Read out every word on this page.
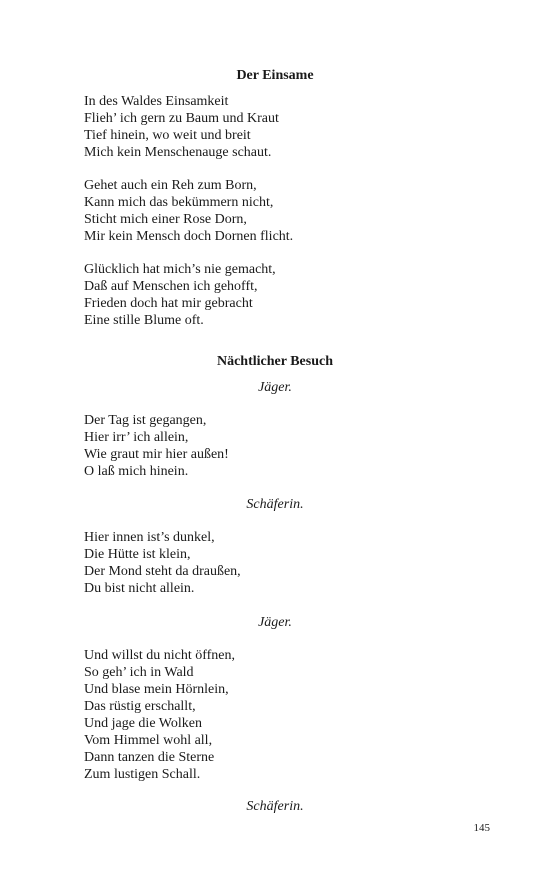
Der Einsame
In des Waldes Einsamkeit
Flieh’ ich gern zu Baum und Kraut
Tief hinein, wo weit und breit
Mich kein Menschenauge schaut.
Gehet auch ein Reh zum Born,
Kann mich das bekümmern nicht,
Sticht mich einer Rose Dorn,
Mir kein Mensch doch Dornen flicht.
Glücklich hat mich’s nie gemacht,
Daß auf Menschen ich gehofft,
Frieden doch hat mir gebracht
Eine stille Blume oft.
Nächtlicher Besuch
Jäger.
Der Tag ist gegangen,
Hier irr’ ich allein,
Wie graut mir hier außen!
O laß mich hinein.
Schäferin.
Hier innen ist’s dunkel,
Die Hütte ist klein,
Der Mond steht da draußen,
Du bist nicht allein.
Jäger.
Und willst du nicht öffnen,
So geh’ ich in Wald
Und blase mein Hörnlein,
Das rüstig erschallt,
Und jage die Wolken
Vom Himmel wohl all,
Dann tanzen die Sterne
Zum lustigen Schall.
Schäferin.
145
